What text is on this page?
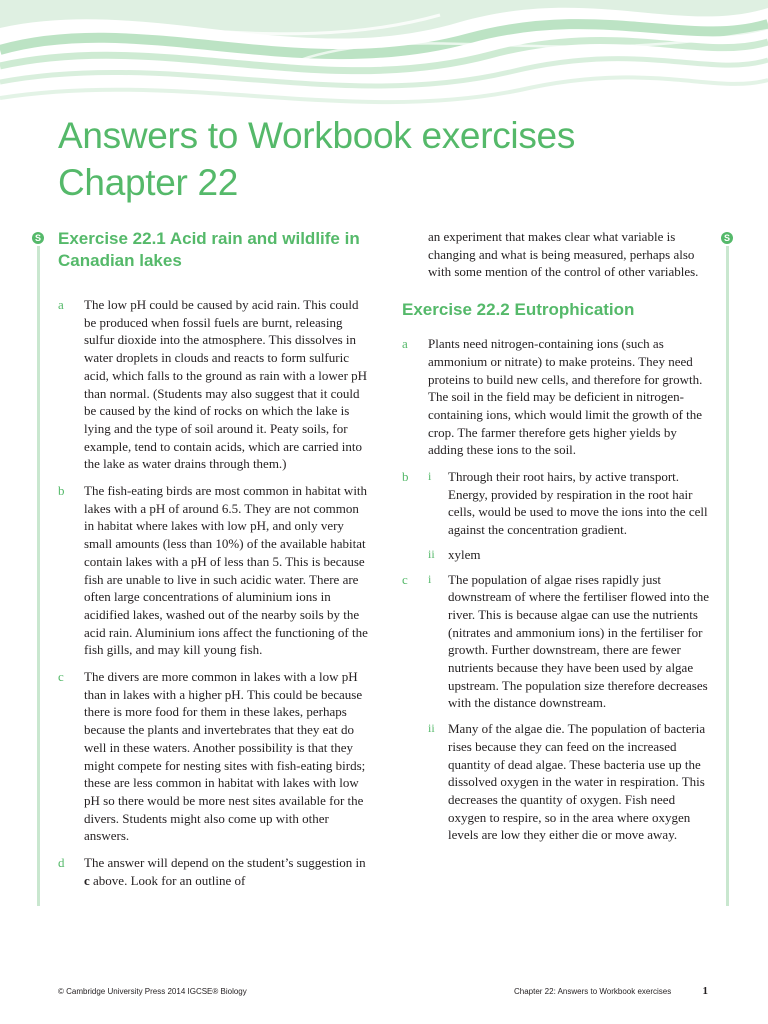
Answers to Workbook exercises
Chapter 22
S	S
Exercise 22.1 Acid rain and wildlife in Canadian lakes
a The low pH could be caused by acid rain. This could be produced when fossil fuels are burnt, releasing sulfur dioxide into the atmosphere. This dissolves in water droplets in clouds and reacts to form sulfuric acid, which falls to the ground as rain with a lower pH than normal. (Students may also suggest that it could be caused by the kind of rocks on which the lake is lying and the type of soil around it. Peaty soils, for example, tend to contain acids, which are carried into the lake as water drains through them.)
b The fish-eating birds are most common in habitat with lakes with a pH of around 6.5. They are not common in habitat where lakes with low pH, and only very small amounts (less than 10%) of the available habitat contain lakes with a pH of less than 5. This is because fish are unable to live in such acidic water. There are often large concentrations of aluminium ions in acidified lakes, washed out of the nearby soils by the acid rain. Aluminium ions affect the functioning of the fish gills, and may kill young fish.
c The divers are more common in lakes with a low pH than in lakes with a higher pH. This could be because there is more food for them in these lakes, perhaps because the plants and invertebrates that they eat do well in these waters. Another possibility is that they might compete for nesting sites with fish-eating birds; these are less common in habitat with lakes with low pH so there would be more nest sites available for the divers. Students might also come up with other answers.
d The answer will depend on the student’s suggestion in c above. Look for an outline of
an experiment that makes clear what variable is changing and what is being measured, perhaps also with some mention of the control of other variables.
Exercise 22.2 Eutrophication
a Plants need nitrogen-containing ions (such as ammonium or nitrate) to make proteins. They need proteins to build new cells, and therefore for growth. The soil in the field may be deficient in nitrogen-containing ions, which would limit the growth of the crop. The farmer therefore gets higher yields by adding these ions to the soil.
b i Through their root hairs, by active transport. Energy, provided by respiration in the root hair cells, would be used to move the ions into the cell against the concentration gradient.
ii xylem
c i The population of algae rises rapidly just downstream of where the fertiliser flowed into the river. This is because algae can use the nutrients (nitrates and ammonium ions) in the fertiliser for growth. Further downstream, there are fewer nutrients because they have been used by algae upstream. The population size therefore decreases with the distance downstream.
ii Many of the algae die. The population of bacteria rises because they can feed on the increased quantity of dead algae. These bacteria use up the dissolved oxygen in the water in respiration. This decreases the quantity of oxygen. Fish need oxygen to respire, so in the area where oxygen levels are low they either die or move away.
© Cambridge University Press 2014 IGCSE® Biology	Chapter 22: Answers to Workbook exercises	1
